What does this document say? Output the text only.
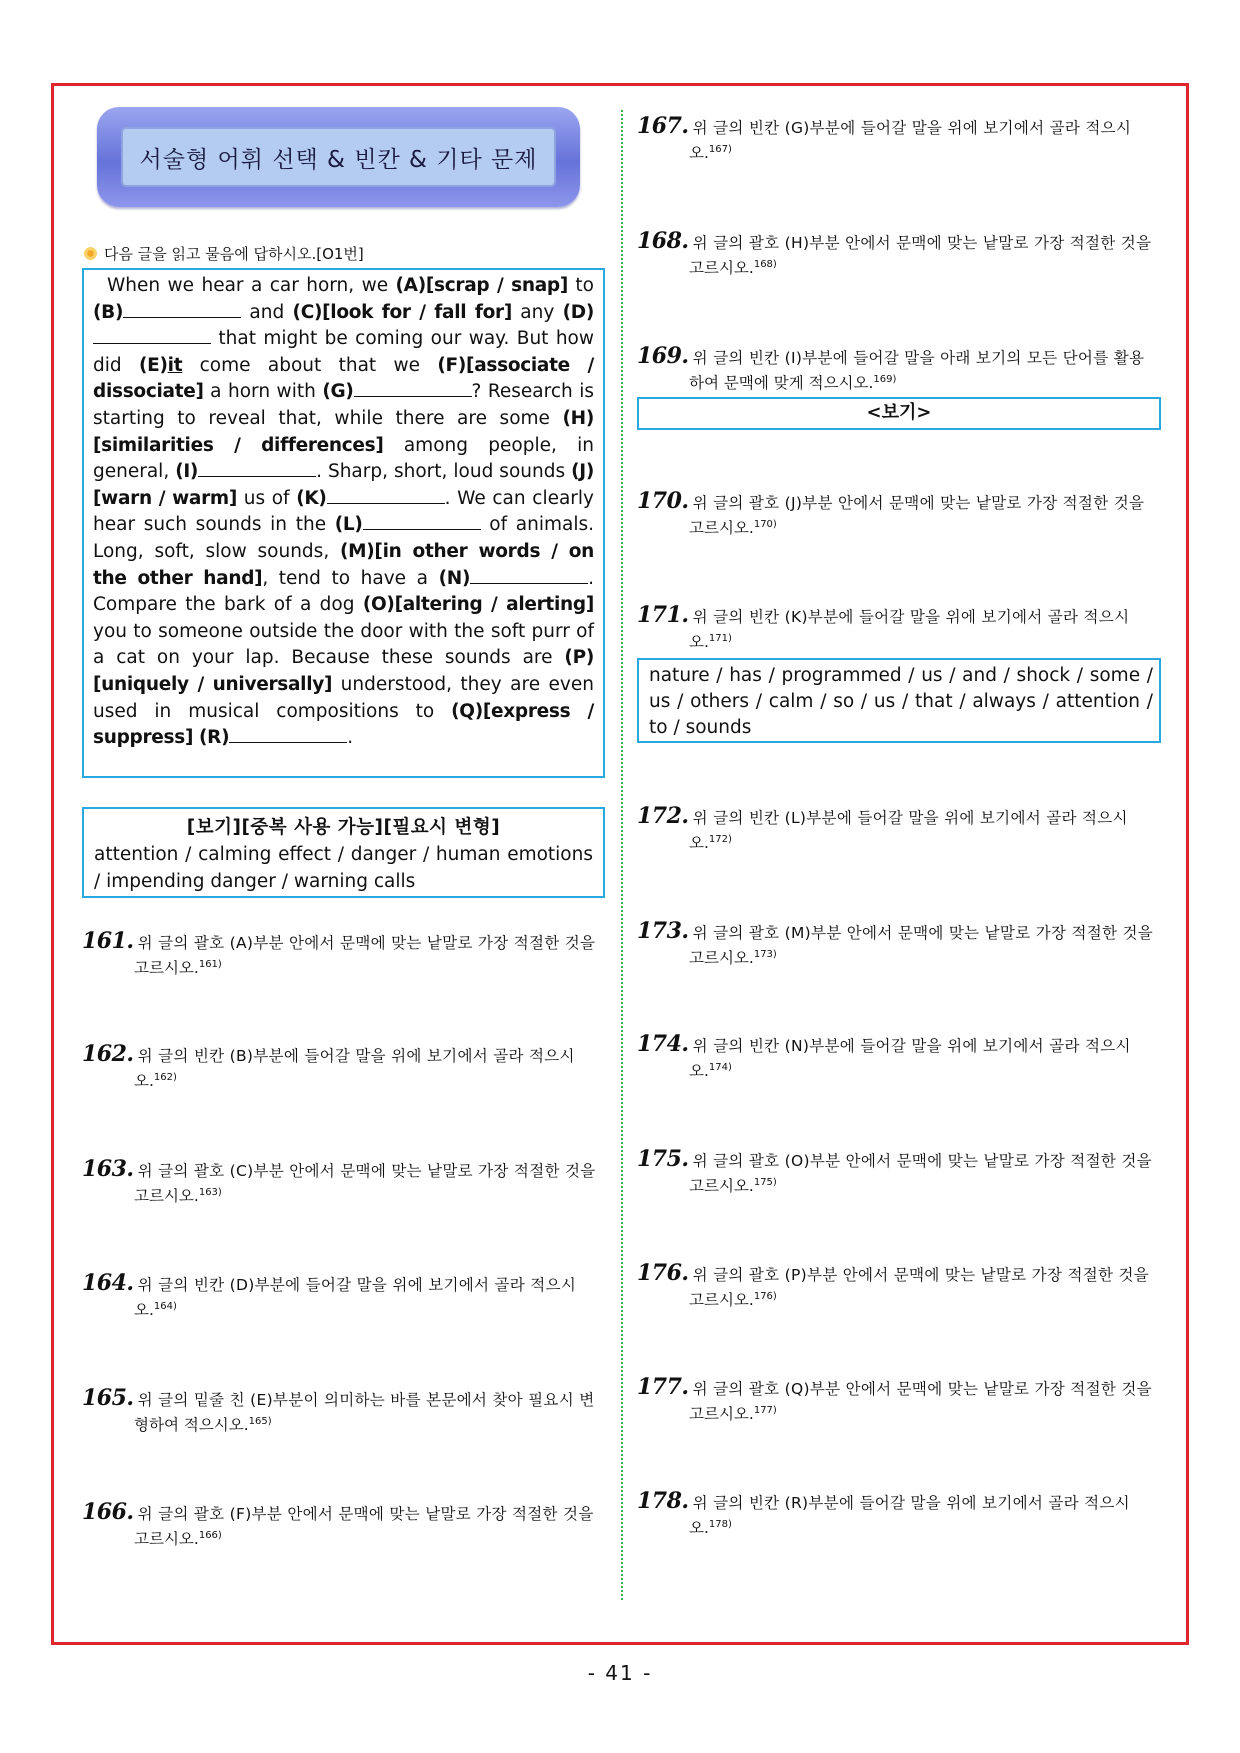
서술형 어휘 선택 & 빈칸 & 기타 문제
다음 글을 읽고 물음에 답하시오.[O1번]

When we hear a car horn, we (A)[scrap / snap] to (B)	and (C)[look for / fall for] any (D) that might be coming our way. But how did (E)it come about that we (F)[associate / dissociate] a horn with (G)	? Research is starting to reveal that, while there are some (H)[similarities / differences] among people, in general, (I)	. Sharp, short, loud sounds (J)[warn / warm] us of (K)	. We can clearly hear such sounds in the (L)	of animals. Long, soft, slow sounds, (M)[in other words / on the other hand], tend to have a (N)	. Compare the bark of a dog (O)[altering / alerting] you to someone outside the door with the soft purr of a cat on your lap. Because these sounds are (P)[uniquely / universally] understood, they are even used in musical compositions to (Q)[express / suppress] (R)	.

[보기][중복 사용 가능][필요시 변형]
attention / calming effect / danger / human emotions / impending danger / warning calls
<보기>
nature / has / programmed / us / and / shock / some / us / others / calm / so / us / that / always / attention / to / sounds
161. 위 글의 괄호 (A)부분 안에서 문맥에 맞는 낱말로 가장 적절한 것을
고르시오.$^{161)}$
162. 위 글의 빈칸 (B)부분에 들어갈 말을 위에 보기에서 골라 적으시
오.$^{162)}$
163. 위 글의 괄호 (C)부분 안에서 문맥에 맞는 낱말로 가장 적절한 것을
고르시오.$^{163)}$
164. 위 글의 빈칸 (D)부분에 들어갈 말을 위에 보기에서 골라 적으시
오.$^{164)}$
165. 위 글의 밑줄 친 (E)부분이 의미하는 바를 본문에서 찾아 필요시 변
형하여 적으시오.$^{165)}$
166. 위 글의 괄호 (F)부분 안에서 문맥에 맞는 낱말로 가장 적절한 것을
고르시오.$^{166)}$
167. 위 글의 빈칸 (G)부분에 들어갈 말을 위에 보기에서 골라 적으시
오.$^{167)}$
168. 위 글의 괄호 (H)부분 안에서 문맥에 맞는 낱말로 가장 적절한 것을
고르시오.$^{168)}$
169. 위 글의 빈칸 (I)부분에 들어갈 말을 아래 보기의 모든 단어를 활용
하여 문맥에 맞게 적으시오.$^{169)}$
170. 위 글의 괄호 (J)부분 안에서 문맥에 맞는 낱말로 가장 적절한 것을
고르시오.$^{170)}$
171. 위 글의 빈칸 (K)부분에 들어갈 말을 위에 보기에서 골라 적으시
오.$^{171)}$
172. 위 글의 빈칸 (L)부분에 들어갈 말을 위에 보기에서 골라 적으시
오.$^{172)}$
173. 위 글의 괄호 (M)부분 안에서 문맥에 맞는 낱말로 가장 적절한 것을
고르시오.$^{173)}$
174. 위 글의 빈칸 (N)부분에 들어갈 말을 위에 보기에서 골라 적으시
오.$^{174)}$
175. 위 글의 괄호 (O)부분 안에서 문맥에 맞는 낱말로 가장 적절한 것을
고르시오.$^{175)}$
176. 위 글의 괄호 (P)부분 안에서 문맥에 맞는 낱말로 가장 적절한 것을
고르시오.$^{176)}$
177. 위 글의 괄호 (Q)부분 안에서 문맥에 맞는 낱말로 가장 적절한 것을
고르시오.$^{177)}$
178. 위 글의 빈칸 (R)부분에 들어갈 말을 위에 보기에서 골라 적으시
오.$^{178)}$
- 41 -
